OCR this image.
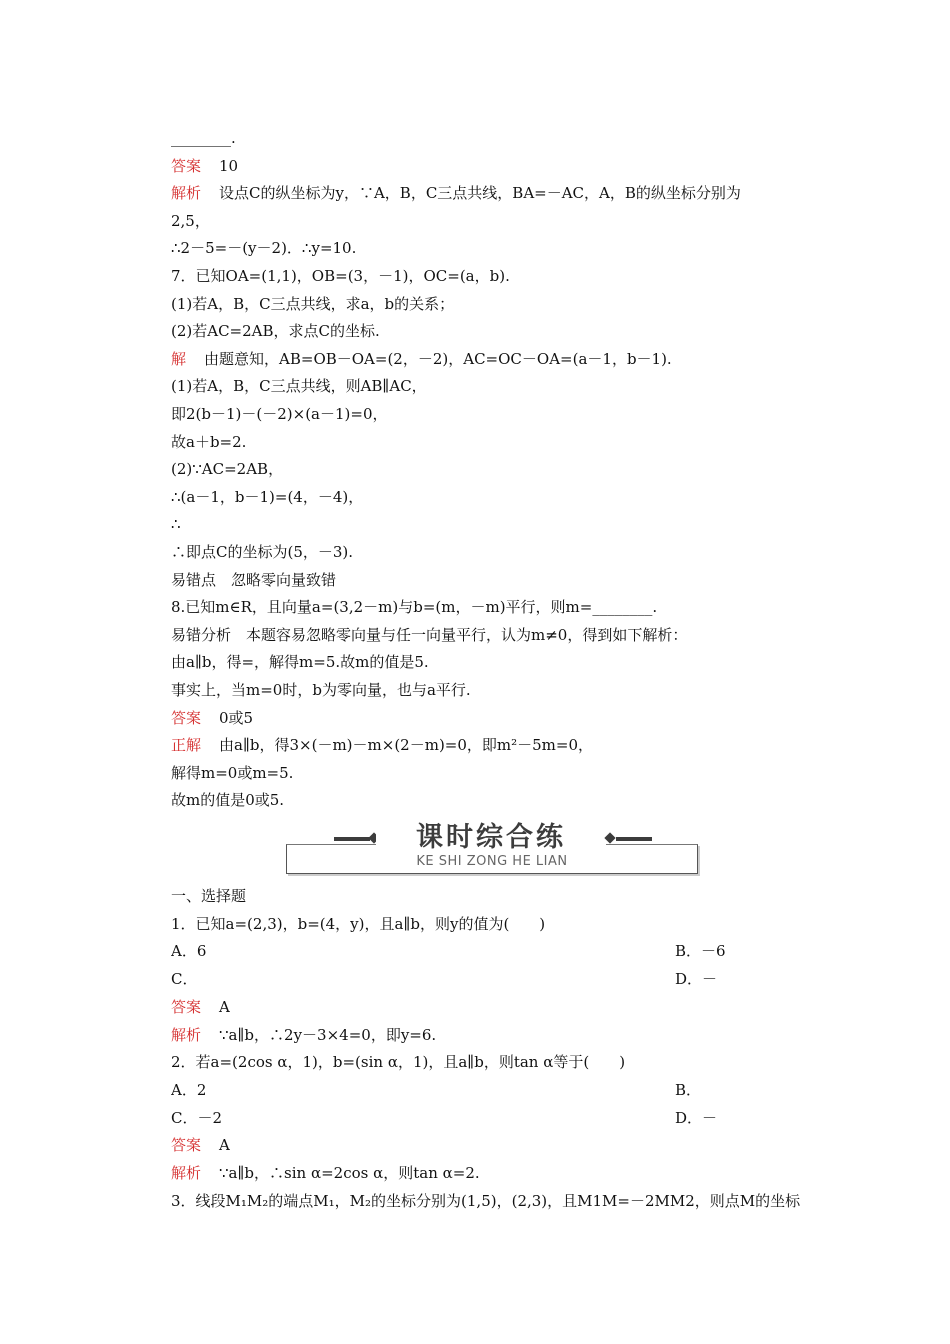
________.
答案 10
解析 设点C的纵坐标为y，∵A，B，C三点共线，BA=－AC，A，B的纵坐标分别为
2,5，
∴2－5=－(y－2)．∴y=10.
7．已知OA=(1,1)，OB=(3，－1)，OC=(a，b).
(1)若A，B，C三点共线，求a，b的关系；
(2)若AC=2AB，求点C的坐标.
解 由题意知，AB=OB－OA=(2，－2)，AC=OC－OA=(a－1，b－1).
(1)若A，B，C三点共线，则AB∥AC，
即2(b－1)－(－2)×(a－1)=0，
故a＋b=2.
(2)∵AC=2AB，
∴(a－1，b－1)=(4，－4)，
∴
∴即点C的坐标为(5，－3).
易错点　忽略零向量致错
8.已知m∈R，且向量a=(3,2－m)与b=(m，－m)平行，则m=________.
易错分析　本题容易忽略零向量与任一向量平行，认为m≠0，得到如下解析：
由a∥b，得=，解得m=5.故m的值是5.
事实上，当m=0时，b为零向量，也与a平行.
答案 0或5
正解 由a∥b，得3×(－m)－m×(2－m)=0，即m²－5m=0，
解得m=0或m=5.
故m的值是0或5.
课时综合练
KE SHI ZONG HE LIAN
一、选择题
1．已知a=(2,3)，b=(4，y)，且a∥b，则y的值为(　　)
A．6	B．－6
C．	D．－
答案 A
解析 ∵a∥b，∴2y－3×4=0，即y=6.
2．若a=(2cos α，1)，b=(sin α，1)，且a∥b，则tan α等于(　　)
A．2	B．
C．－2	D．－
答案 A
解析 ∵a∥b，∴sin α=2cos α，则tan α=2.
3．线段M₁M₂的端点M₁，M₂的坐标分别为(1,5)，(2,3)，且M1M=－2MM2，则点M的坐标
